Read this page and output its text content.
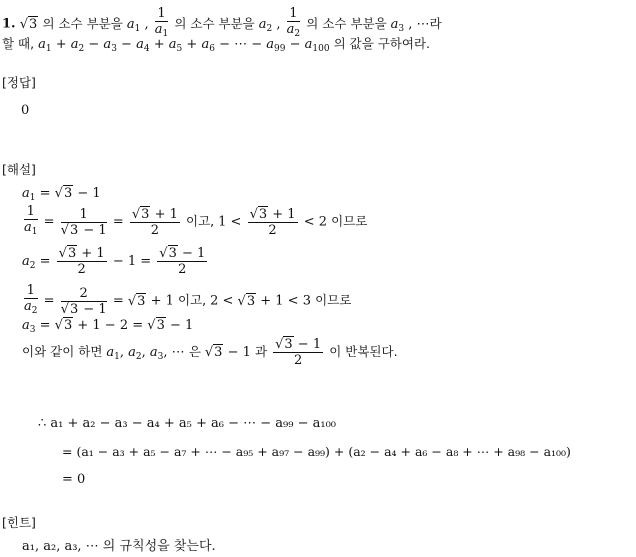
1. √3 의 소수 부분을 $a_1$ , $\frac{1}{a_1}$ 의 소수 부분을 $a_2$ , $\frac{1}{a_2}$ 의 소수 부분을 $a_3$ , ⋯라
할 때, $a_1 + a_2 - a_3 - a_4 + a_5 + a_6$ − ⋯ − $a_{99} - a_{100}$ 의 값을 구하여라.
[정답]
0
[해설]
$a_1 = √3 - 1$
$\frac{1}{a_1} = \frac{1}{√3 - 1} = \frac{√3 + 1}{2}$ 이고, $1 < \frac{√3 + 1}{2} < 2$ 이므로
$a_2 = \frac{√3 + 1}{2} - 1 = \frac{√3 - 1}{2}$
$\frac{1}{a_2} = \frac{2}{√3 - 1} = √3 + 1$ 이고, 2 < √3 + 1 < 3 이므로
$a_3 = √3 + 1 - 2 = √3 - 1$
이와 같이 하면 $a_1$, $a_2$, $a_3$, ⋯ 은 √3 − 1 과 $\frac{√3 - 1}{2}$ 이 반복된다.
∴ a₁ + a₂ − a₃ − a₄ + a₅ + a₆ − ⋯ − a₉₉ − a₁₀₀
= (a₁ − a₃ + a₅ − a₇ + ⋯ − a₉₅ + a₉₇ − a₉₉) + (a₂ − a₄ + a₆ − a₈ + ⋯ + a₉₈ − a₁₀₀)
= 0
[힌트]
a₁, a₂, a₃, ⋯ 의 규칙성을 찾는다.
